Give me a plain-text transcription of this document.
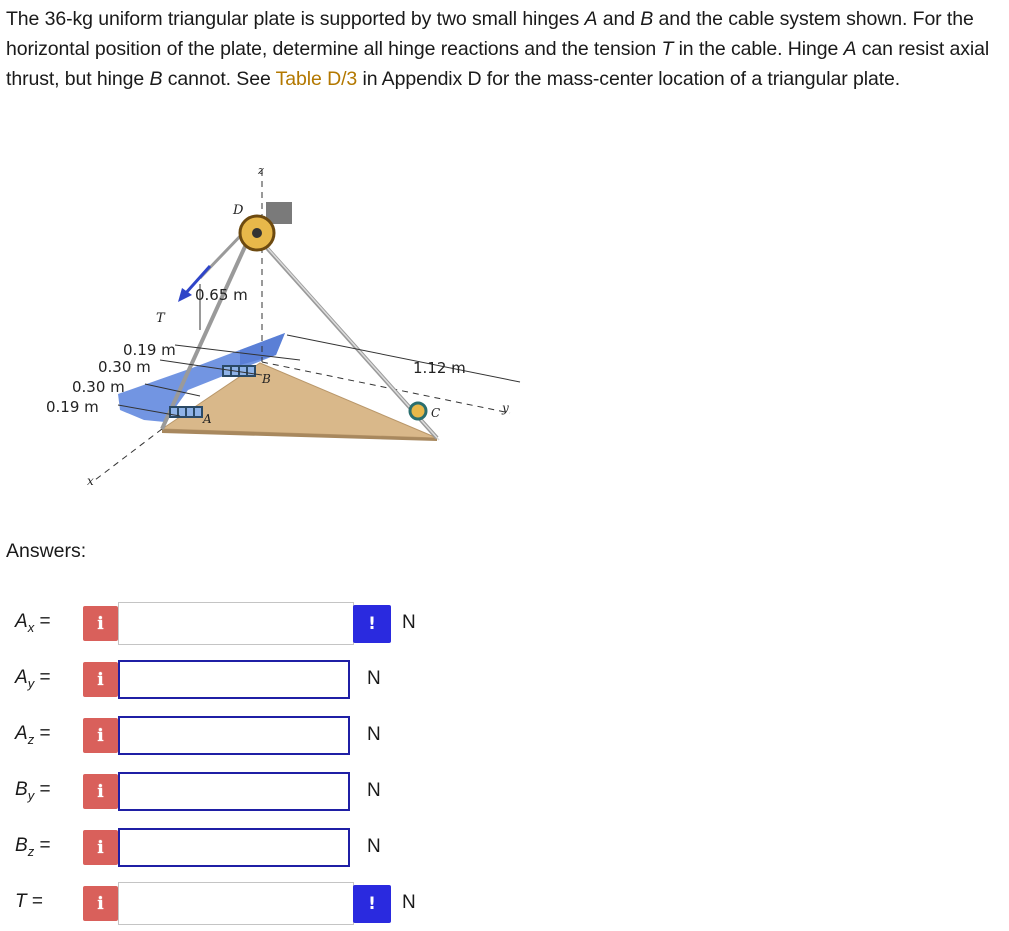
The 36-kg uniform triangular plate is supported by two small hinges A and B and the cable system shown. For the horizontal position of the plate, determine all hinge reactions and the tension T in the cable. Hinge A can resist axial thrust, but hinge B cannot. See Table D/3 in Appendix D for the mass-center location of a triangular plate.
z
D
T
B
A	C	y
x
0.65 m
1.12 m
0.19 m
0.30 m
0.30 m
0.19 m
Answers:
$A_x$ =	i	! N
$A_y$ =	i	N
$A_z$ =	i	N
$B_y$ =	i	N
$B_z$ =	i	N
T =	i	! N
